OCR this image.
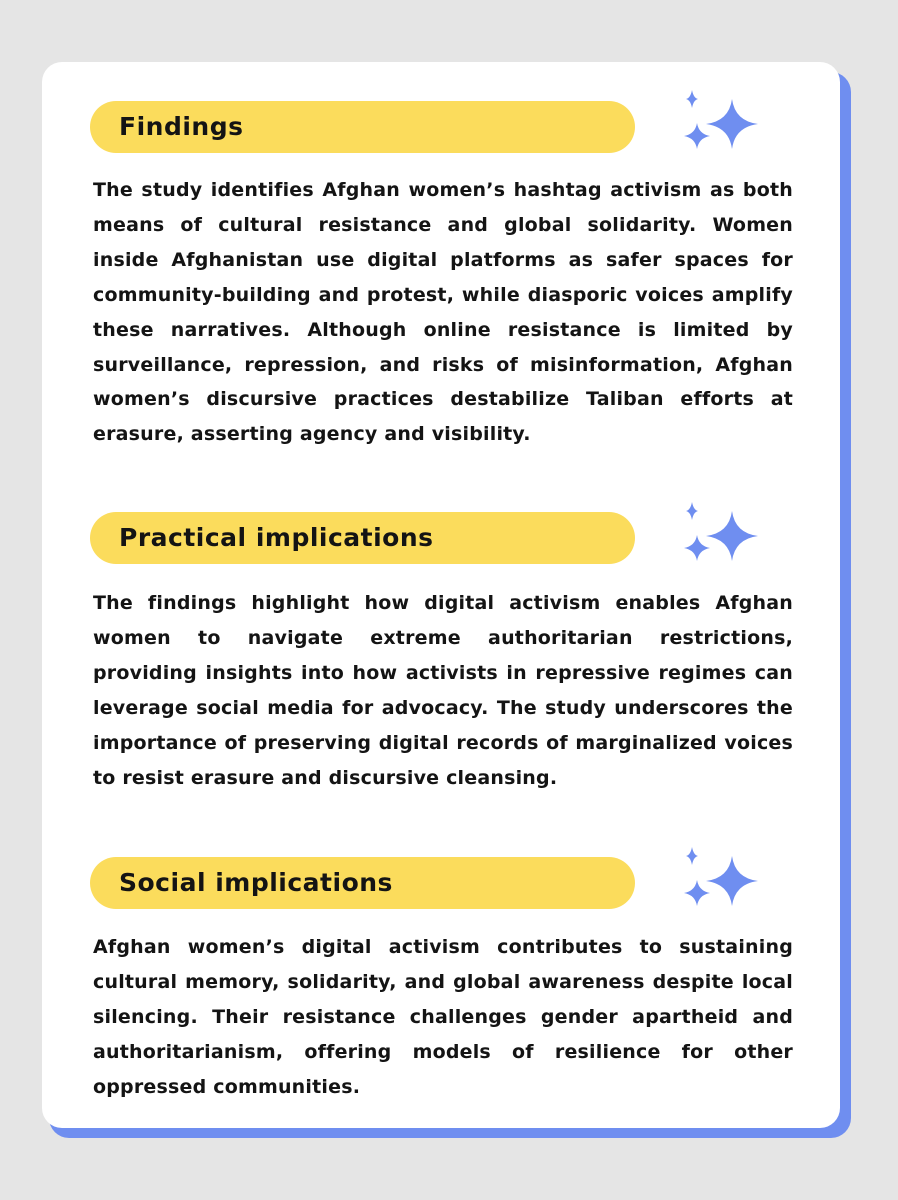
Findings

The study identifies Afghan women’s hashtag activism as both means of cultural resistance and global solidarity. Women inside Afghanistan use digital platforms as safer spaces for community-building and protest, while diasporic voices amplify these narratives. Although online resistance is limited by surveillance, repression, and risks of misinformation, Afghan women’s discursive practices destabilize Taliban efforts at erasure, asserting agency and visibility.

Practical implications

The findings highlight how digital activism enables Afghan women to navigate extreme authoritarian restrictions, providing insights into how activists in repressive regimes can leverage social media for advocacy. The study underscores the importance of preserving digital records of marginalized voices to resist erasure and discursive cleansing.

Social implications

Afghan women’s digital activism contributes to sustaining cultural memory, solidarity, and global awareness despite local silencing. Their resistance challenges gender apartheid and authoritarianism, offering models of resilience for other oppressed communities.
